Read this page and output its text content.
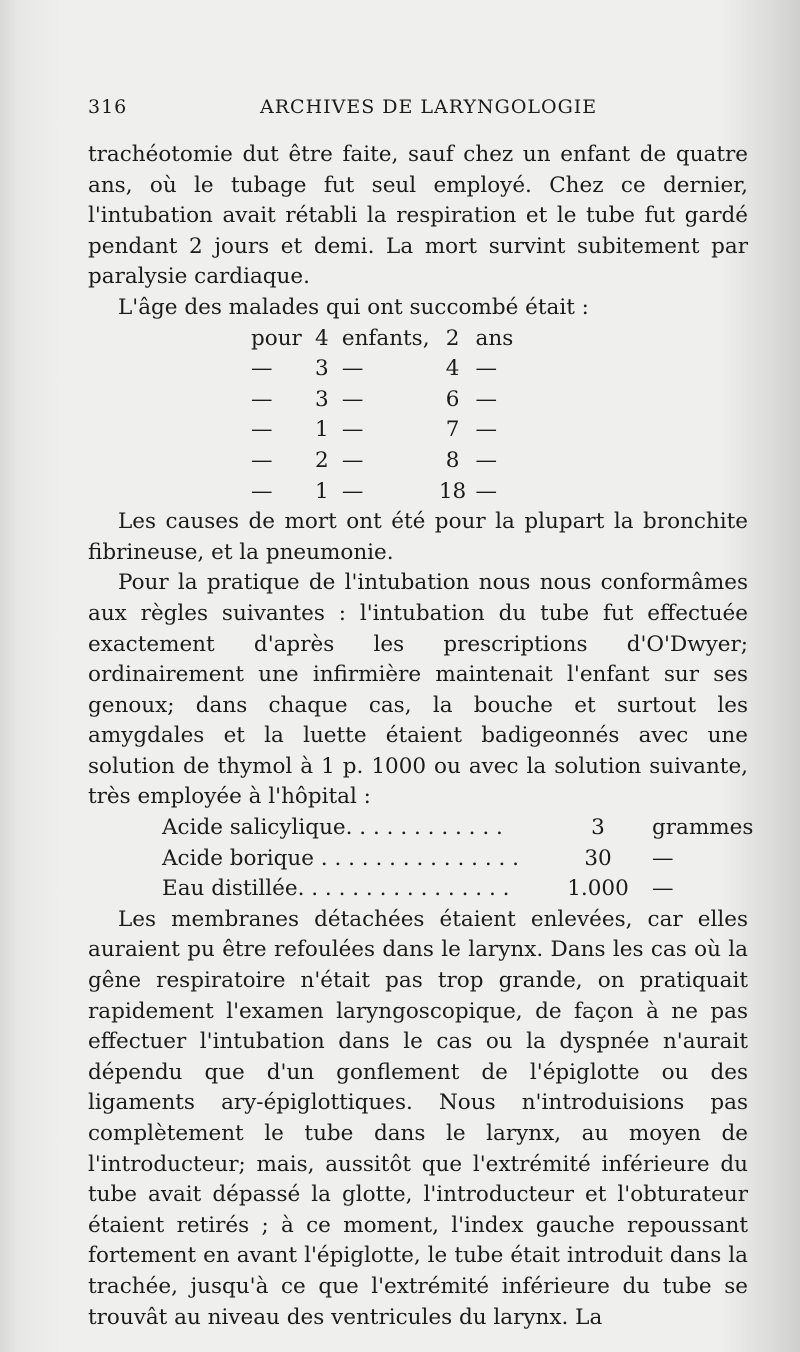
316	ARCHIVES DE LARYNGOLOGIE

trachéotomie dut être faite, sauf chez un enfant de quatre ans, où le tubage fut seul employé. Chez ce dernier, l'intubation avait rétabli la respiration et le tube fut gardé pendant 2 jours et demi. La mort survint subitement par paralysie cardiaque.

L'âge des malades qui ont succombé était :

pour	4	enfants,	2	ans
—	3	—	4	—
—	3	—	6	—
—	1	—	7	—
—	2	—	8	—
—	1	—	18	—

Les causes de mort ont été pour la plupart la bronchite fibrineuse, et la pneumonie.

Pour la pratique de l'intubation nous nous conformâmes aux règles suivantes : l'intubation du tube fut effectuée exactement d'après les prescriptions d'O'Dwyer; ordinairement une infirmière maintenait l'enfant sur ses genoux; dans chaque cas, la bouche et surtout les amygdales et la luette étaient badigeonnés avec une solution de thymol à 1 p. 1000 ou avec la solution suivante, très employée à l'hôpital :

Acide salicylique. . . . . . . . . . . .	3	grammes
Acide borique . . . . . . . . . . . . . . .	30	—
Eau distillée. . . . . . . . . . . . . . . .	1.000	—

Les membranes détachées étaient enlevées, car elles auraient pu être refoulées dans le larynx. Dans les cas où la gêne respiratoire n'était pas trop grande, on pratiquait rapidement l'examen laryngoscopique, de façon à ne pas effectuer l'intubation dans le cas ou la dyspnée n'aurait dépendu que d'un gonflement de l'épiglotte ou des ligaments ary-épiglottiques. Nous n'introduisions pas complètement le tube dans le larynx, au moyen de l'introducteur; mais, aussitôt que l'extrémité inférieure du tube avait dépassé la glotte, l'introducteur et l'obturateur étaient retirés ; à ce moment, l'index gauche repoussant fortement en avant l'épiglotte, le tube était introduit dans la trachée, jusqu'à ce que l'extrémité inférieure du tube se trouvât au niveau des ventricules du larynx. La
